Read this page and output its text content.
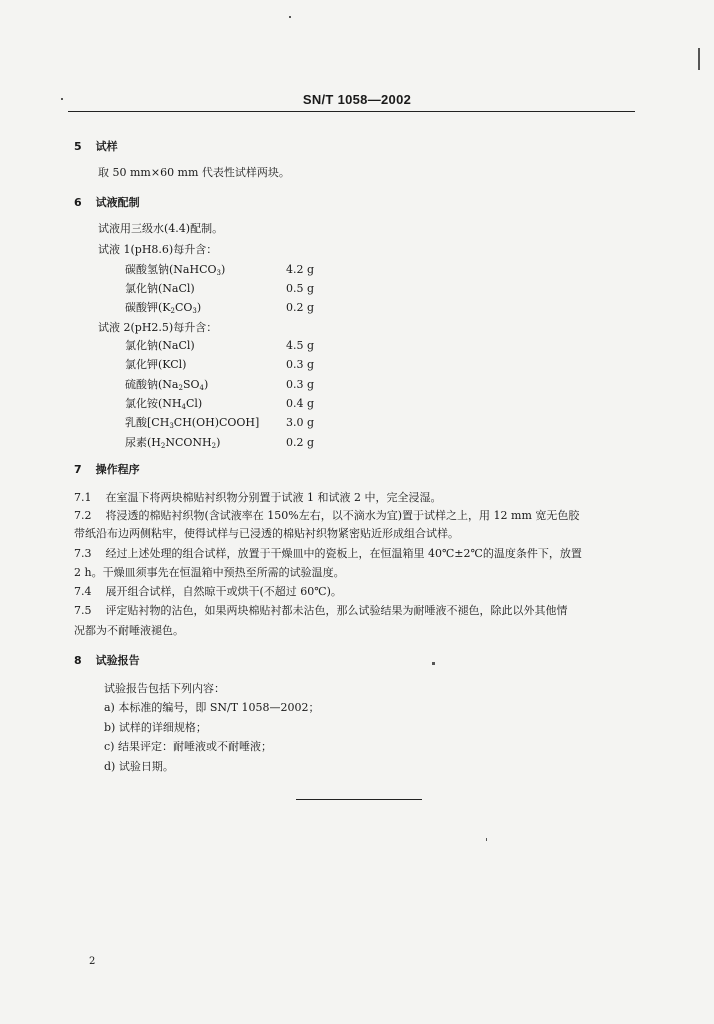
SN/T 1058—2002
5 试样
取 50 mm×60 mm 代表性试样两块。
6 试液配制
试液用三级水(4.4)配制。
试液 1(pH8.6)每升含：
碳酸氢钠(NaHCO$_3$)	4.2 g
氯化钠(NaCl)	0.5 g
碳酸钾$(K_2CO_3)$	0.2 g
试液 2(pH2.5)每升含：
氯化钠(NaCl)	4.5 g
氯化钾(KCl)	0.3 g
硫酸钠$(Na_2SO_4)$	0.3 g
氯化铵$(NH_4Cl)$	0.4 g
乳酸$[CH_3CH(OH)COOH]$ 3.0 g
尿素$(H_2NCONH_2)$	0.2 g
7 操作程序
7.1 在室温下将两块棉贴衬织物分别置于试液 1 和试液 2 中，完全浸湿。
7.2 将浸透的棉贴衬织物(含试液率在 150%左右，以不滴水为宜)置于试样之上，用 12 mm 宽无色胶
带纸沿布边两侧粘牢，使得试样与已浸透的棉贴衬织物紧密贴近形成组合试样。
7.3 经过上述处理的组合试样，放置于干燥皿中的瓷板上，在恒温箱里 40℃±2℃的温度条件下，放置
2 h。干燥皿须事先在恒温箱中预热至所需的试验温度。
7.4 展开组合试样，自然晾干或烘干(不超过 60℃)。
7.5 评定贴衬物的沾色，如果两块棉贴衬都未沾色，那么试验结果为耐唾液不褪色，除此以外其他情
况都为不耐唾液褪色。
8 试验报告
试验报告包括下列内容：
a) 本标准的编号，即 SN/T 1058—2002；
b) 试样的详细规格；
c) 结果评定：耐唾液或不耐唾液；
d) 试验日期。
2
